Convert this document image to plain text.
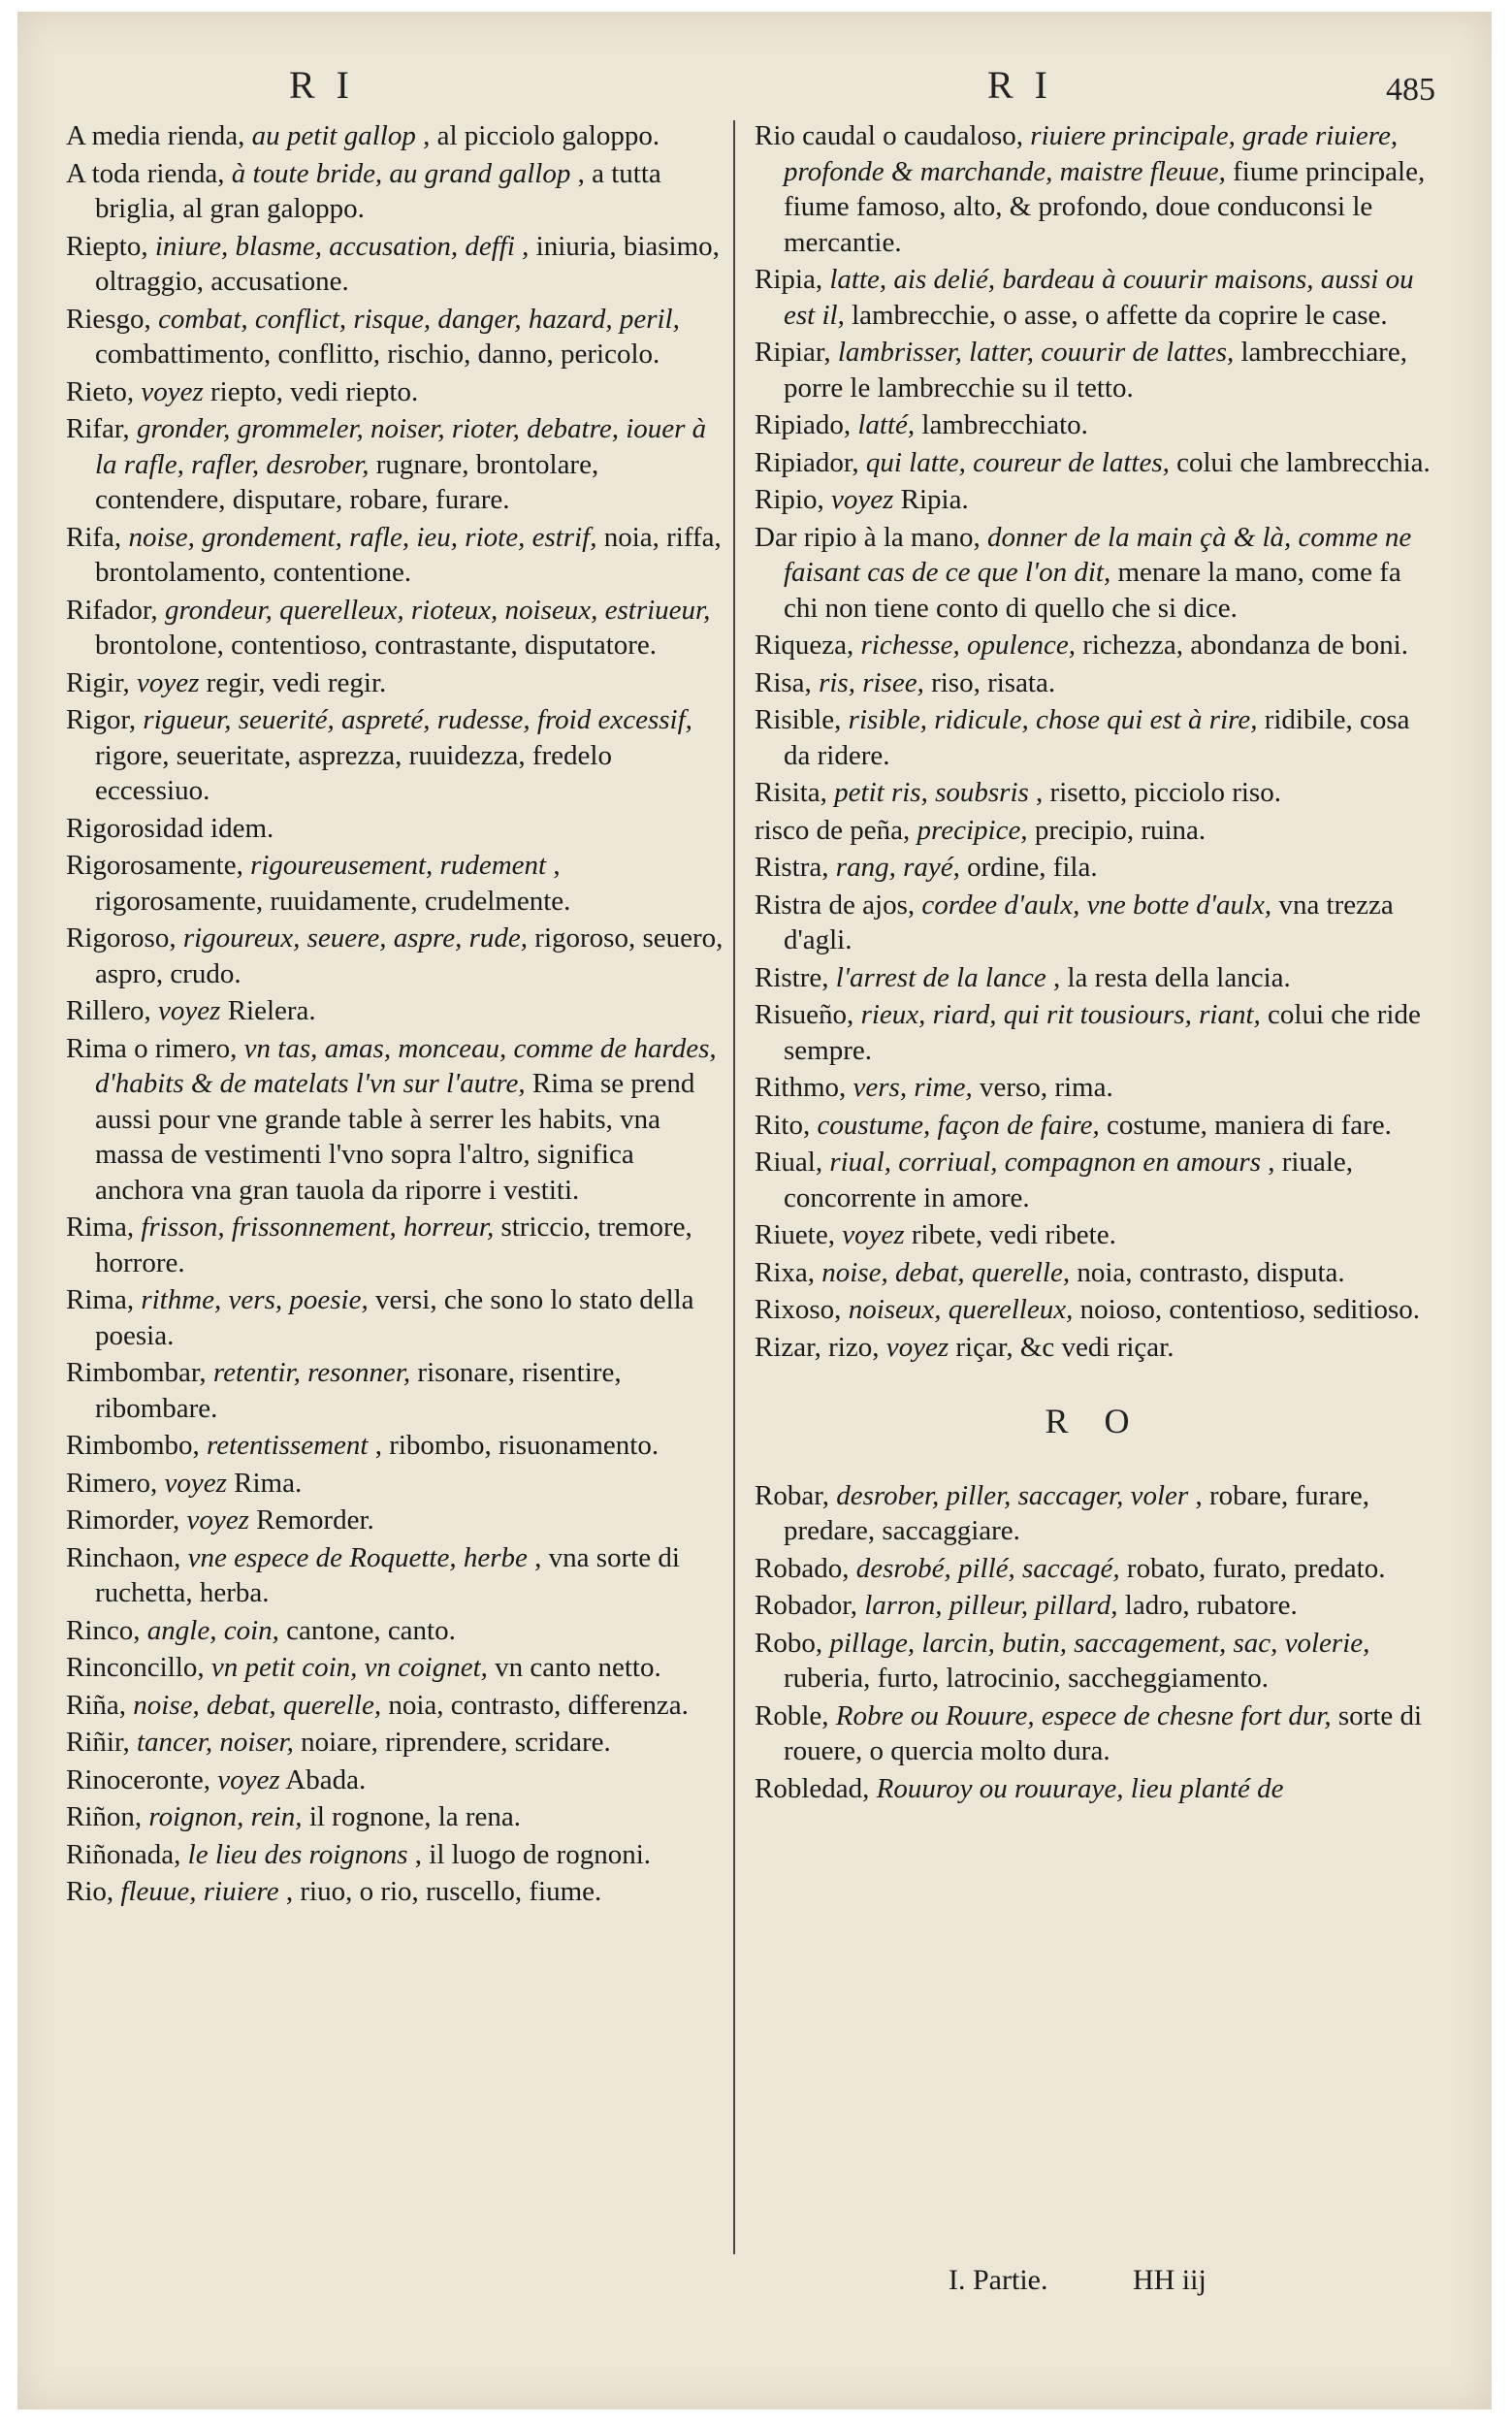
R I	R I	485
A media rienda, au petit gallop , al picciolo galoppo.
A toda rienda, à toute bride, au grand gallop , a tutta briglia, al gran galoppo.
Riepto, iniure, blasme, accusation, deffi , iniuria, biasimo, oltraggio, accusatione.
Riesgo, combat, conflict, risque, danger, hazard, peril, combattimento, conflitto, rischio, danno, pericolo.
Rieto, voyez riepto, vedi riepto.
Rifar, gronder, grommeler, noiser, rioter, debatre, iouer à la rafle, rafler, desrober, rugnare, brontolare, contendere, disputare, robare, furare.
Rifa, noise, grondement, rafle, ieu, riote, estrif, noia, riffa, brontolamento, contentione.
Rifador, grondeur, querelleux, rioteux, noiseux, estriueur, brontolone, contentioso, contrastante, disputatore.
Rigir, voyez regir, vedi regir.
Rigor, rigueur, seuerité, aspreté, rudesse, froid excessif, rigore, seueritate, asprezza, ruuidezza, fredelo eccessiuo.
Rigorosidad idem.
Rigorosamente, rigoureusement, rudement , rigorosamente, ruuidamente, crudelmente.
Rigoroso, rigoureux, seuere, aspre, rude, rigoroso, seuero, aspro, crudo.
Rillero, voyez Rielera.
Rima o rimero, vn tas, amas, monceau, comme de hardes, d'habits & de matelats l'vn sur l'autre, Rima se prend aussi pour vne grande table à serrer les habits, vna massa de vestimenti l'vno sopra l'altro, significa anchora vna gran tauola da riporre i vestiti.
Rima, frisson, frissonnement, horreur, striccio, tremore, horrore.
Rima, rithme, vers, poesie, versi, che sono lo stato della poesia.
Rimbombar, retentir, resonner, risonare, risentire, ribombare.
Rimbombo, retentissement , ribombo, risuonamento.
Rimero, voyez Rima.
Rimorder, voyez Remorder.
Rinchaon, vne espece de Roquette, herbe , vna sorte di ruchetta, herba.
Rinco, angle, coin, cantone, canto.
Rinconcillo, vn petit coin, vn coignet, vn canto netto.
Riña, noise, debat, querelle, noia, contrasto, differenza.
Riñir, tancer, noiser, noiare, riprendere, scridare.
Rinoceronte, voyez Abada.
Riñon, roignon, rein, il rognone, la rena.
Riñonada, le lieu des roignons , il luogo de rognoni.
Rio, fleuue, riuiere , riuo, o rio, ruscello, fiume.
Rio caudal o caudaloso, riuiere principale, grade riuiere, profonde & marchande, maistre fleuue, fiume principale, fiume famoso, alto, & profondo, doue conduconsi le mercantie.
Ripia, latte, ais delié, bardeau à couurir maisons, aussi ou est il, lambrecchie, o asse, o affette da coprire le case.
Ripiar, lambrisser, latter, couurir de lattes, lambrecchiare, porre le lambrecchie su il tetto.
Ripiado, latté, lambrecchiato.
Ripiador, qui latte, coureur de lattes, colui che lambrecchia.
Ripio, voyez Ripia.
Dar ripio à la mano, donner de la main çà & là, comme ne faisant cas de ce que l'on dit, menare la mano, come fa chi non tiene conto di quello che si dice.
Riqueza, richesse, opulence, richezza, abondanza de boni.
Risa, ris, risee, riso, risata.
Risible, risible, ridicule, chose qui est à rire, ridibile, cosa da ridere.
Risita, petit ris, soubsris , risetto, picciolo riso.
risco de peña, precipice, precipio, ruina.
Ristra, rang, rayé, ordine, fila.
Ristra de ajos, cordee d'aulx, vne botte d'aulx, vna trezza d'agli.
Ristre, l'arrest de la lance , la resta della lancia.
Risueño, rieux, riard, qui rit tousiours, riant, colui che ride sempre.
Rithmo, vers, rime, verso, rima.
Rito, coustume, façon de faire, costume, maniera di fare.
Riual, riual, corriual, compagnon en amours , riuale, concorrente in amore.
Riuete, voyez ribete, vedi ribete.
Rixa, noise, debat, querelle, noia, contrasto, disputa.
Rixoso, noiseux, querelleux, noioso, contentioso, seditioso.
Rizar, rizo, voyez riçar, &c vedi riçar.
R O
Robar, desrober, piller, saccager, voler , robare, furare, predare, saccaggiare.
Robado, desrobé, pillé, saccagé, robato, furato, predato.
Robador, larron, pilleur, pillard, ladro, rubatore.
Robo, pillage, larcin, butin, saccagement, sac, volerie, ruberia, furto, latrocinio, saccheggiamento.
Roble, Robre ou Rouure, espece de chesne fort dur, sorte di rouere, o quercia molto dura.
Robledad, Rouuroy ou rouuraye, lieu planté de
I. Partie.	HH iij
